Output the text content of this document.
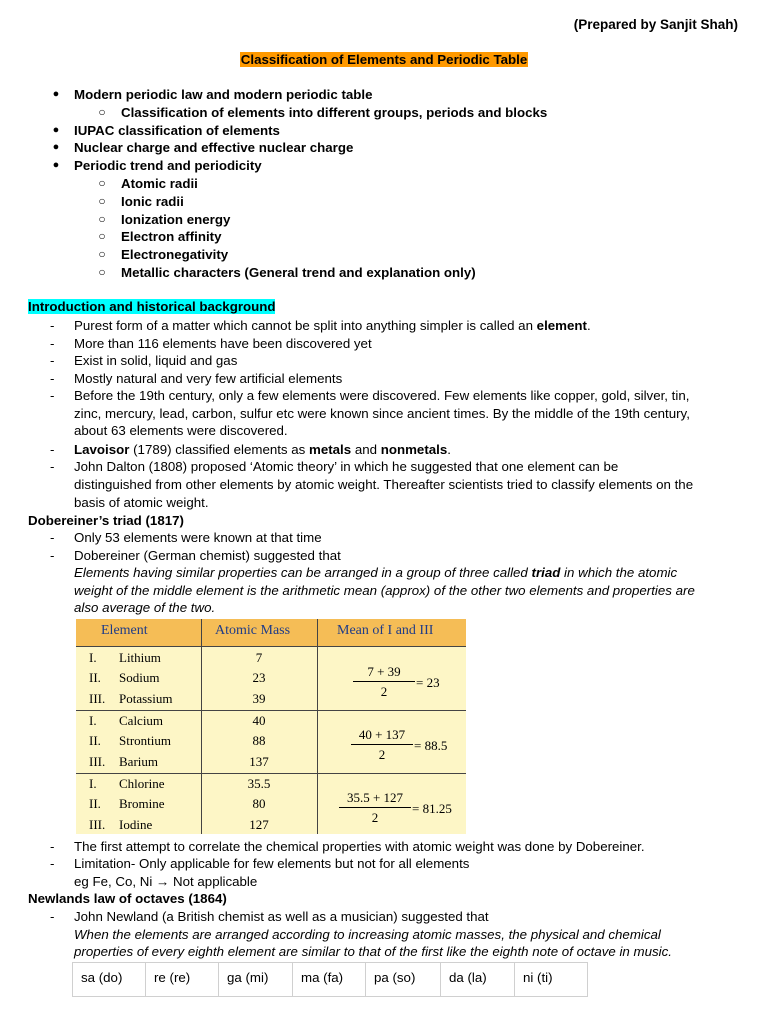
(Prepared by Sanjit Shah)
Classification of Elements and Periodic Table
● Modern periodic law and modern periodic table
○ Classification of elements into different groups, periods and blocks
● IUPAC classification of elements
● Nuclear charge and effective nuclear charge
● Periodic trend and periodicity
○ Atomic radii
○ Ionic radii
○ Ionization energy
○ Electron affinity
○ Electronegativity
○ Metallic characters (General trend and explanation only)
Introduction and historical background
- Purest form of a matter which cannot be split into anything simpler is called an element.
- More than 116 elements have been discovered yet
- Exist in solid, liquid and gas
- Mostly natural and very few artificial elements
- Before the 19th century, only a few elements were discovered. Few elements like copper, gold, silver, tin,
zinc, mercury, lead, carbon, sulfur etc were known since ancient times. By the middle of the 19th century,
about 63 elements were discovered.
- Lavoisor (1789) classified elements as metals and nonmetals.
- John Dalton (1808) proposed ‘Atomic theory’ in which he suggested that one element can be
distinguished from other elements by atomic weight. Thereafter scientists tried to classify elements on the
basis of atomic weight.
Dobereiner’s triad (1817)
- Only 53 elements were known at that time
- Dobereiner (German chemist) suggested that
Elements having similar properties can be arranged in a group of three called triad in which the atomic
weight of the middle element is the arithmetic mean (approx) of the other two elements and properties are
also average of the two.
- The first attempt to correlate the chemical properties with atomic weight was done by Dobereiner.
- Limitation- Only applicable for few elements but not for all elements
eg Fe, Co, Ni → Not applicable
Newlands law of octaves (1864)
- John Newland (a British chemist as well as a musician) suggested that
When the elements are arranged according to increasing atomic masses, the physical and chemical
properties of every eighth element are similar to that of the first like the eighth note of octave in music.
Element	Atomic Mass	Mean of I and III
I. Lithium	7
II. Sodium	23
III. Potassium	39	$\frac{7 + 39}{2} = 23$
I. Calcium	40
II. Strontium	88
III. Barium	137	$\frac{40 + 137}{2} = 88.5$
I. Chlorine	35.5
II. Bromine	80
III. Iodine	127	$\frac{35.5 + 127}{2} = 81.25$
sa (do)	re (re)	ga (mi)	ma (fa)	pa (so)	da (la)	ni (ti)
